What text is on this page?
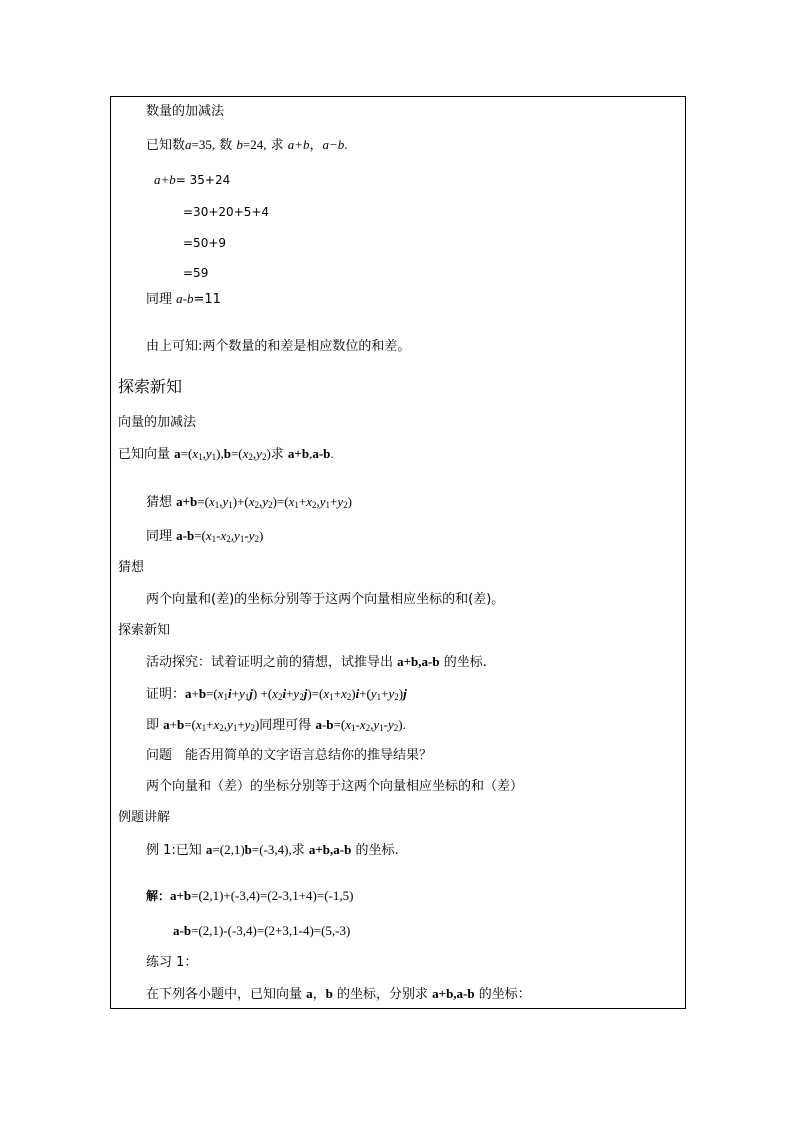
数量的加减法
已知数a=35, 数 b=24, 求 a+b，a−b.
a+b= 35+24
=30+20+5+4
=50+9
=59
同理 a-b=11
由上可知:两个数量的和差是相应数位的和差。
探索新知
向量的加减法
已知向量 $a=(x_1,y_1),b=(x_2,y_2)$求 a+b,a-b.
猜想 $a+b=(x_1,y_1)+(x_2,y_2)=(x_1+x_2,y_1+y_2)$
同理 $a-b=(x_1-x_2,y_1-y_2)$
猜想
两个向量和(差)的坐标分别等于这两个向量相应坐标的和(差)。
探索新知
活动探究：试着证明之前的猜想，试推导出 a+b,a-b 的坐标.
证明：$a+b=(x_1i+y_1j) +(x_2i+y_2j)=(x_1+x_2)i+(y_1+y_2)j$
即 $a+b=(x_1+x_2,y_1+y_2)$同理可得 $a-b=(x_1-x_2,y_1-y_2)$.
问题　能否用简单的文字语言总结你的推导结果？
两个向量和（差）的坐标分别等于这两个向量相应坐标的和（差）
例题讲解
例 1:已知 a=(2,1)b=(-3,4),求 a+b,a-b 的坐标.
解：a+b=(2,1)+(-3,4)=(2-3,1+4)=(-1,5)
a-b=(2,1)-(-3,4)=(2+3,1-4)=(5,-3)
练习 1：
在下列各小题中，已知向量 a，b 的坐标，分别求 a+b,a-b 的坐标：
